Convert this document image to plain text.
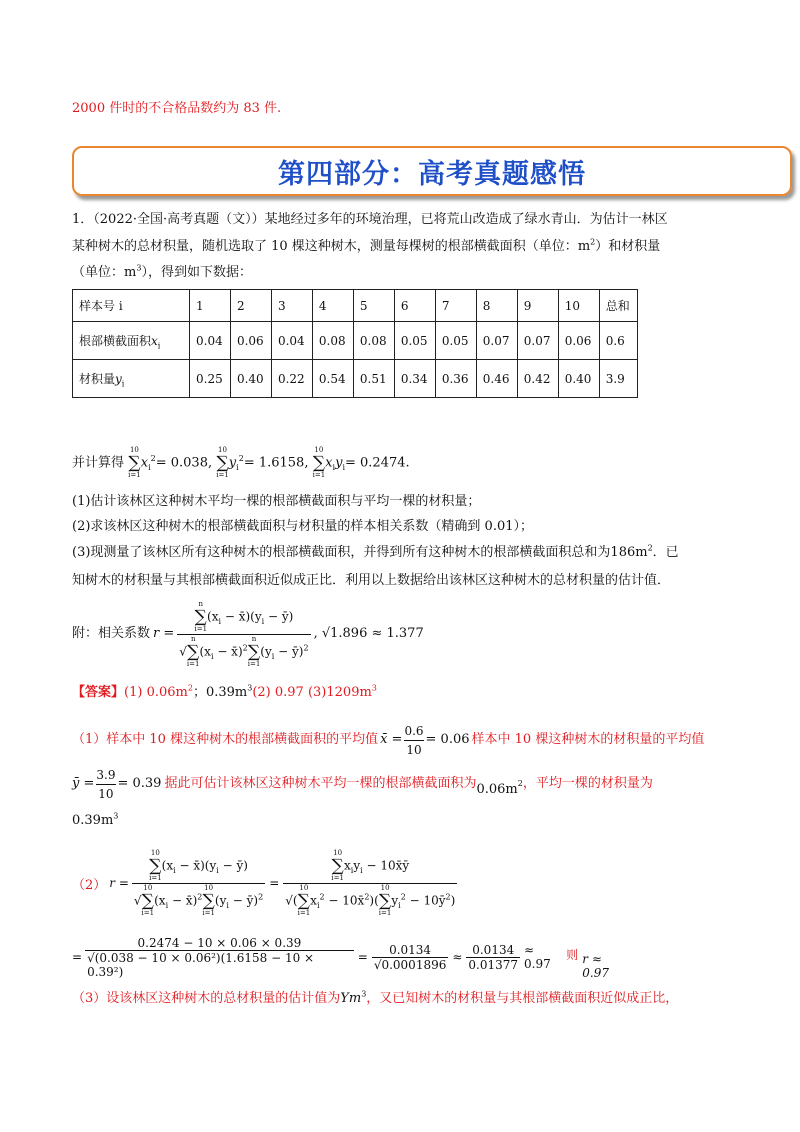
2000 件时的不合格品数约为 83 件.
第四部分：高考真题感悟
1．（2022·全国·高考真题（文））某地经过多年的环境治理，已将荒山改造成了绿水青山．为估计一林区
某种树木的总材积量，随机选取了 10 棵这种树木，测量每棵树的根部横截面积（单位：$m^2$）和材积量
（单位：$m^3$），得到如下数据：
样本号 i	1	2	3	4	5	6	7	8	9	10	总和
根部横截面积$x_i$	0.04	0.06	0.04	0.08	0.08	0.05	0.05	0.07	0.07	0.06	0.6
材积量$y_i$	0.25	0.40	0.22	0.54	0.51	0.34	0.36	0.46	0.42	0.40	3.9
并计算得
10
∑
i=1
$x_i^2= 0.038$,
10
∑
i=1
$y_i^2= 1.6158$,
10
∑
i=1
$x_iy_i= 0.2474$.
(1)估计该林区这种树木平均一棵的根部横截面积与平均一棵的材积量；
(2)求该林区这种树木的根部横截面积与材积量的样本相关系数（精确到 0.01）；
(3)现测量了该林区所有这种树木的根部横截面积，并得到所有这种树木的根部横截面积总和为$186m^2$．已
知树木的材积量与其根部横截面积近似成正比．利用以上数据给出该林区这种树木的总材积量的估计值．
附：相关系数 r = n
∑
i=1
($x_i$ − $x̄)(y_i$ − ȳ)
√
n
∑
i=1
($x_i$ − x̄)$^2$
n
∑
i=1
($y_i$ − ȳ)$^2$ , √1.896 ≈ 1.377
【答案】(1) $0.06m^2$；$0.39m^3(2)$ 0.97 $(3)1209m^3$
（1）样本中 10 棵这种树木的根部横截面积的平均值 x̄ = $\frac{0.6}{10} = 0.06$ 样本中 10 棵这种树木的材积量的平均值
ȳ = $\frac{3.9}{10} = 0.39$ 据此可估计该林区这种树木平均一棵的根部横截面积为 0.06m 2 ，平均一棵的材积量为
$0.39m^3$
（2） r = 10
∑
i=1
($x_i$ − $x̄)(y_i$ − ȳ)
√
10
∑
i=1
($x_i$ − x̄)$^2$
10
∑
i=1
($y_i$ − ȳ)$^2$ = 10
∑
i=1
$x_iy_i$ − 10x̄ȳ
√(
10
∑
i=1
$x_i^2$ − 10x̄$^2$)(
10
∑
i=1
$y_i^2$ − $10ȳ^2$)
= $\frac{0.2474 - 10 \times 0.06 \times 0.39}{\text{√(0.038 − 10 × 0.06²)(1.6158 − 10 × 0.39²)}} = \frac{0.0134}{√0.0001896} \approx \frac{0.0134}{0.01377} \approx 0.97$
则 r ≈ 0.97
（3）设该林区这种树木的总材积量的估计值为Ym$^3$，又已知树木的材积量与其根部横截面积近似成正比，
